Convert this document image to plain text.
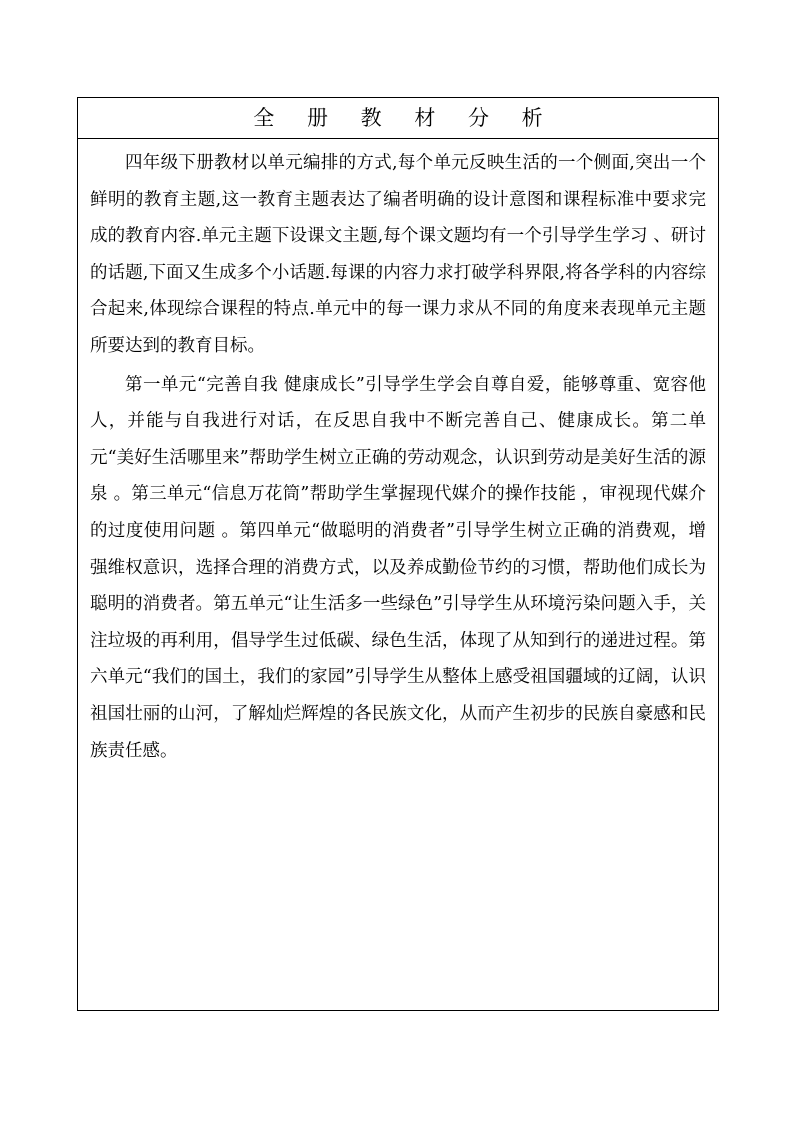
全 册 教 材 分 析

四年级下册教材以单元编排的方式,每个单元反映生活的一个侧面,突出一个鲜明的教育主题,这一教育主题表达了编者明确的设计意图和课程标准中要求完成的教育内容.单元主题下设课文主题,每个课文题均有一个引导学生学习 、研讨的话题,下面又生成多个小话题.每课的内容力求打破学科界限,将各学科的内容综合起来,体现综合课程的特点.单元中的每一课力求从不同的角度来表现单元主题所要达到的教育目标。

第一单元“完善自我 健康成长”引导学生学会自尊自爱，能够尊重、宽容他人，并能与自我进行对话，在反思自我中不断完善自己、健康成长。第二单元“美好生活哪里来”帮助学生树立正确的劳动观念，认识到劳动是美好生活的源泉 。第三单元“信息万花筒”帮助学生掌握现代媒介的操作技能 ，审视现代媒介的过度使用问题 。第四单元“做聪明的消费者”引导学生树立正确的消费观，增强维权意识，选择合理的消费方式，以及养成勤俭节约的习惯，帮助他们成长为聪明的消费者。第五单元“让生活多一些绿色”引导学生从环境污染问题入手，关注垃圾的再利用，倡导学生过低碳、绿色生活，体现了从知到行的递进过程。第六单元“我们的国土，我们的家园”引导学生从整体上感受祖国疆域的辽阔，认识祖国壮丽的山河，了解灿烂辉煌的各民族文化，从而产生初步的民族自豪感和民族责任感。
